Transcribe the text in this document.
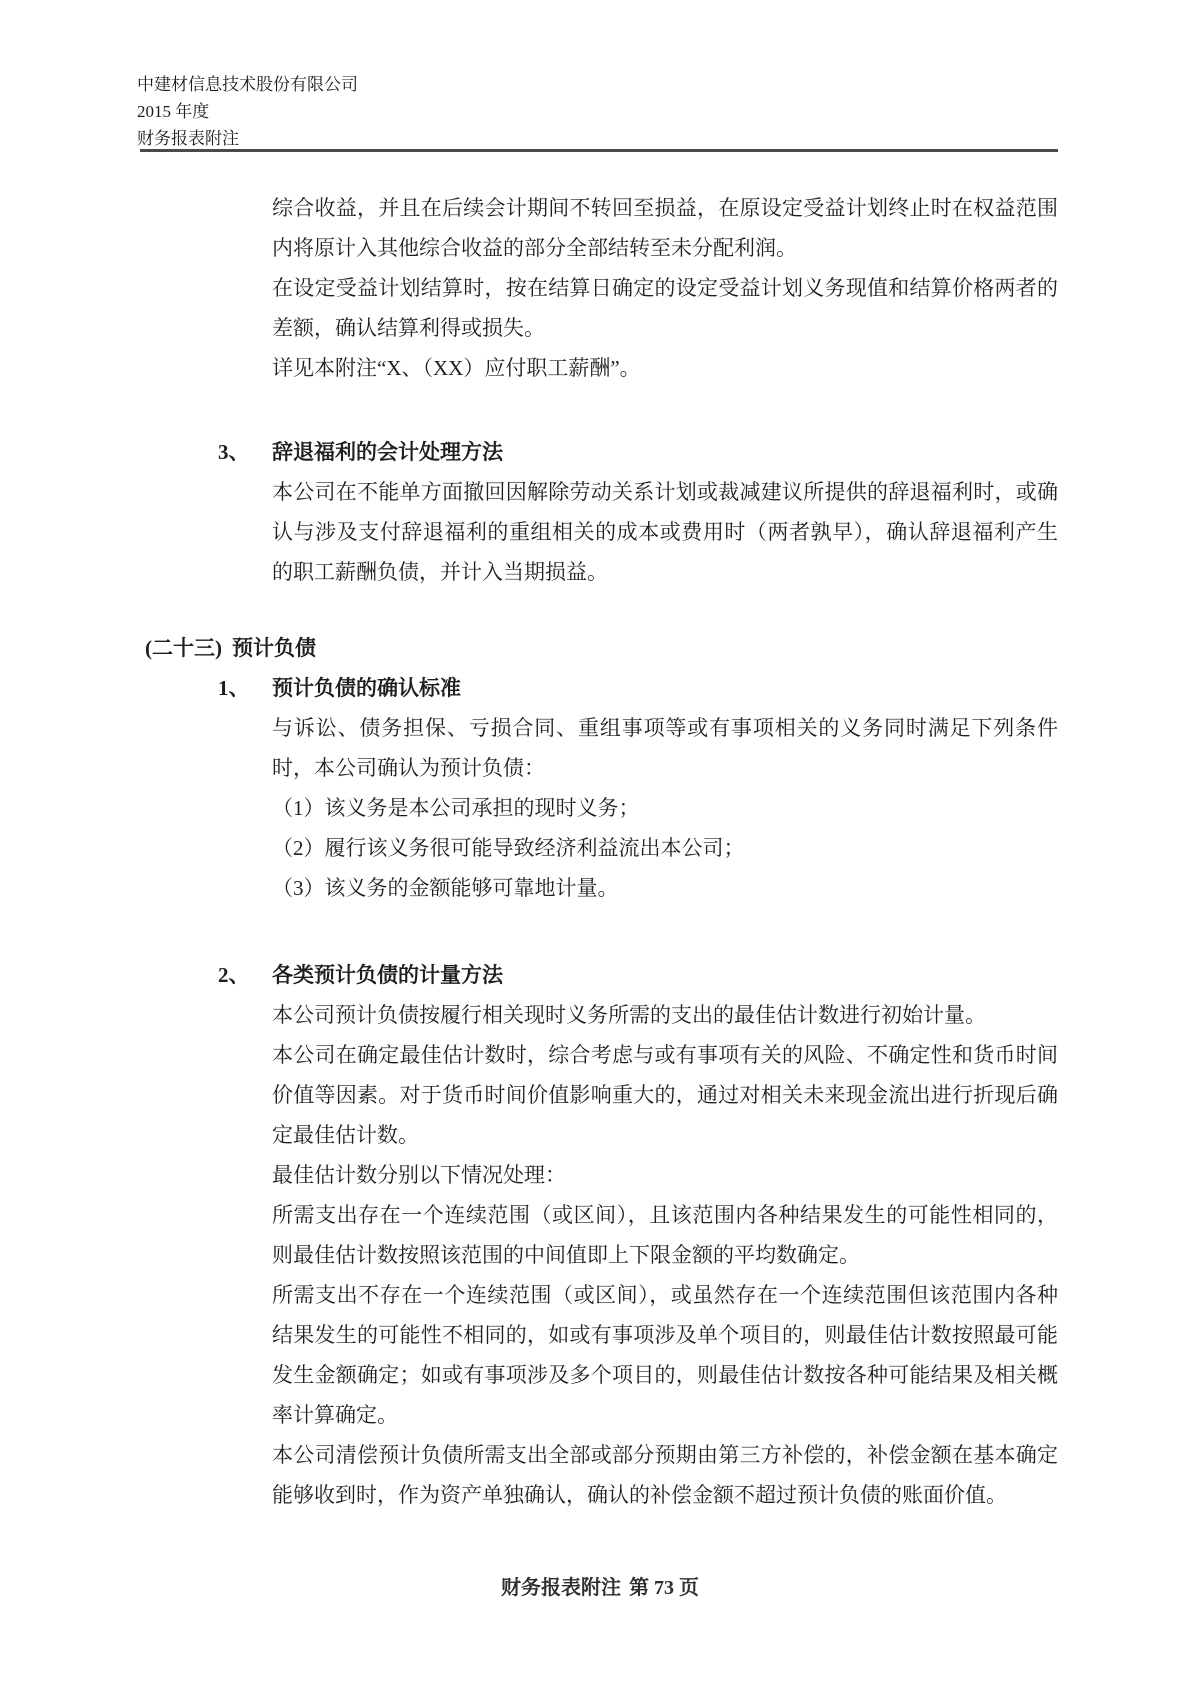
中建材信息技术股份有限公司
2015 年度
财务报表附注

综合收益，并且在后续会计期间不转回至损益，在原设定受益计划终止时在权益范围内将原计入其他综合收益的部分全部结转至未分配利润。

在设定受益计划结算时，按在结算日确定的设定受益计划义务现值和结算价格两者的差额，确认结算利得或损失。

详见本附注“X、（XX）应付职工薪酬”。

3、 辞退福利的会计处理方法

本公司在不能单方面撤回因解除劳动关系计划或裁减建议所提供的辞退福利时，或确认与涉及支付辞退福利的重组相关的成本或费用时（两者孰早），确认辞退福利产生的职工薪酬负债，并计入当期损益。

(二十三) 预计负债
1、 预计负债的确认标准

与诉讼、债务担保、亏损合同、重组事项等或有事项相关的义务同时满足下列条件时，本公司确认为预计负债：

（1）该义务是本公司承担的现时义务；

（2）履行该义务很可能导致经济利益流出本公司；

（3）该义务的金额能够可靠地计量。

2、 各类预计负债的计量方法

本公司预计负债按履行相关现时义务所需的支出的最佳估计数进行初始计量。

本公司在确定最佳估计数时，综合考虑与或有事项有关的风险、不确定性和货币时间价值等因素。对于货币时间价值影响重大的，通过对相关未来现金流出进行折现后确定最佳估计数。

最佳估计数分别以下情况处理：

所需支出存在一个连续范围（或区间），且该范围内各种结果发生的可能性相同的，则最佳估计数按照该范围的中间值即上下限金额的平均数确定。

所需支出不存在一个连续范围（或区间），或虽然存在一个连续范围但该范围内各种结果发生的可能性不相同的，如或有事项涉及单个项目的，则最佳估计数按照最可能发生金额确定；如或有事项涉及多个项目的，则最佳估计数按各种可能结果及相关概率计算确定。

本公司清偿预计负债所需支出全部或部分预期由第三方补偿的，补偿金额在基本确定能够收到时，作为资产单独确认，确认的补偿金额不超过预计负债的账面价值。

财务报表附注 第 73 页
